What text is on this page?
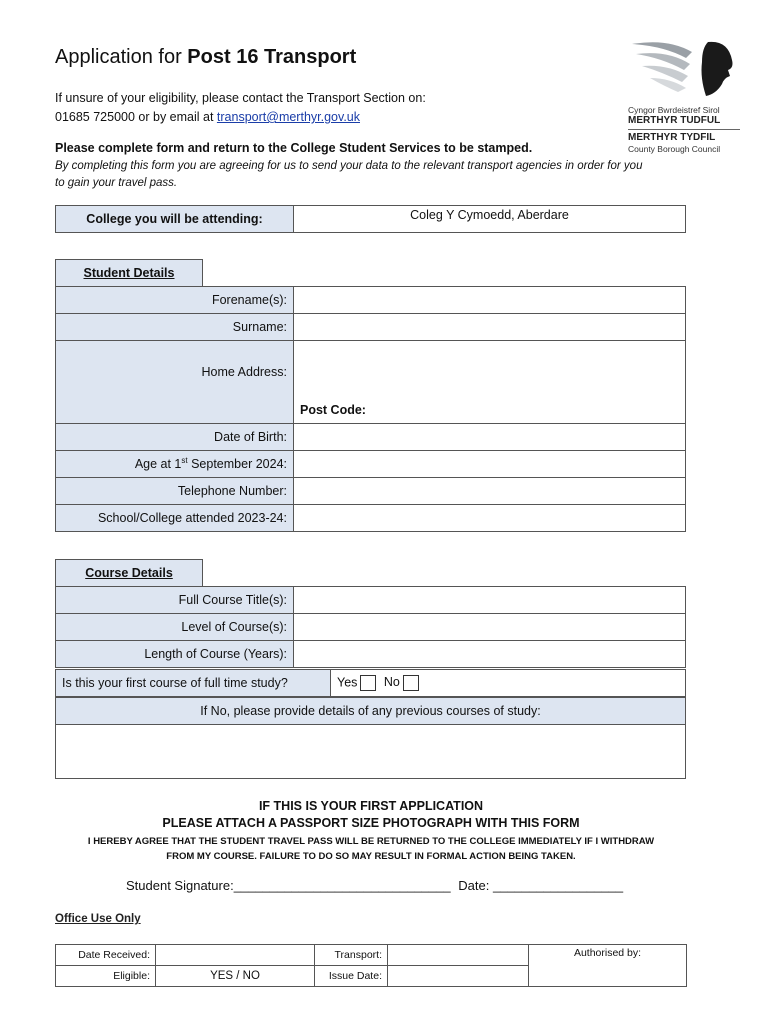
Application for Post 16 Transport
If unsure of your eligibility, please contact the Transport Section on:
01685 725000 or by email at transport@merthyr.gov.uk
Please complete form and return to the College Student Services to be stamped.
By completing this form you are agreeing for us to send your data to the relevant transport agencies in order for you to gain your travel pass.
Cyngor Bwrdeistref Sirol
MERTHYR TUDFUL
MERTHYR TYDFIL
County Borough Council
College you will be attending:	Coleg Y Cymoedd, Aberdare
Student Details
Forename(s):	
Surname:	
Home Address:	Post Code:
Date of Birth:	
Age at 1st September 2024:	
Telephone Number:	
School/College attended 2023-24:	
Course Details
Full Course Title(s):	
Level of Course(s):	
Length of Course (Years):	
Is this your first course of full time study?	Yes No
If No, please provide details of any previous courses of study:

IF THIS IS YOUR FIRST APPLICATION
PLEASE ATTACH A PASSPORT SIZE PHOTOGRAPH WITH THIS FORM
I HEREBY AGREE THAT THE STUDENT TRAVEL PASS WILL BE RETURNED TO THE COLLEGE IMMEDIATELY IF I WITHDRAW
FROM MY COURSE. FAILURE TO DO SO MAY RESULT IN FORMAL ACTION BEING TAKEN.
Student Signature:______________________________ Date: __________________
Office Use Only
Date Received:		Transport:		Authorised by:
Eligible:	YES / NO	Issue Date:		
